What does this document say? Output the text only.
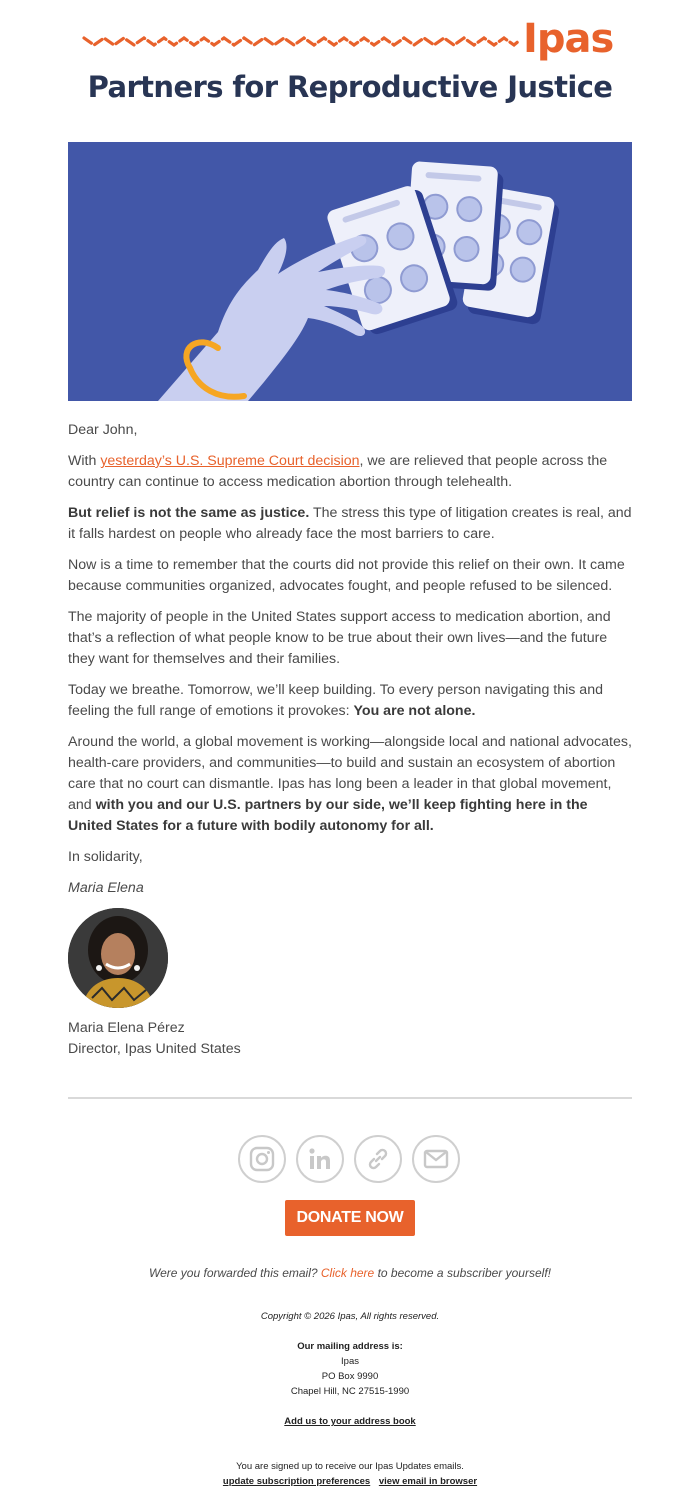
Ipas
Partners for Reproductive Justice

Dear John,

With yesterday’s U.S. Supreme Court decision, we are relieved that people across the country can continue to access medication abortion through telehealth.

But relief is not the same as justice. The stress this type of litigation creates is real, and it falls hardest on people who already face the most barriers to care.

Now is a time to remember that the courts did not provide this relief on their own. It came because communities organized, advocates fought, and people refused to be silenced.

The majority of people in the United States support access to medication abortion, and that’s a reflection of what people know to be true about their own lives—and the future they want for themselves and their families.

Today we breathe. Tomorrow, we’ll keep building. To every person navigating this and feeling the full range of emotions it provokes: You are not alone.

Around the world, a global movement is working—alongside local and national advocates, health-care providers, and communities—to build and sustain an ecosystem of abortion care that no court can dismantle. Ipas has long been a leader in that global movement, and with you and our U.S. partners by our side, we’ll keep fighting here in the United States for a future with bodily autonomy for all.

In solidarity,

Maria Elena

Maria Elena Pérez
Director, Ipas United States
DONATE NOW
Were you forwarded this email? Click here to become a subscriber yourself!
Copyright © 2026 Ipas, All rights reserved.
Our mailing address is:
Ipas
PO Box 9990
Chapel Hill, NC 27515-1990
Add us to your address book
You are signed up to receive our Ipas Updates emails.
update subscription preferences view email in browser
